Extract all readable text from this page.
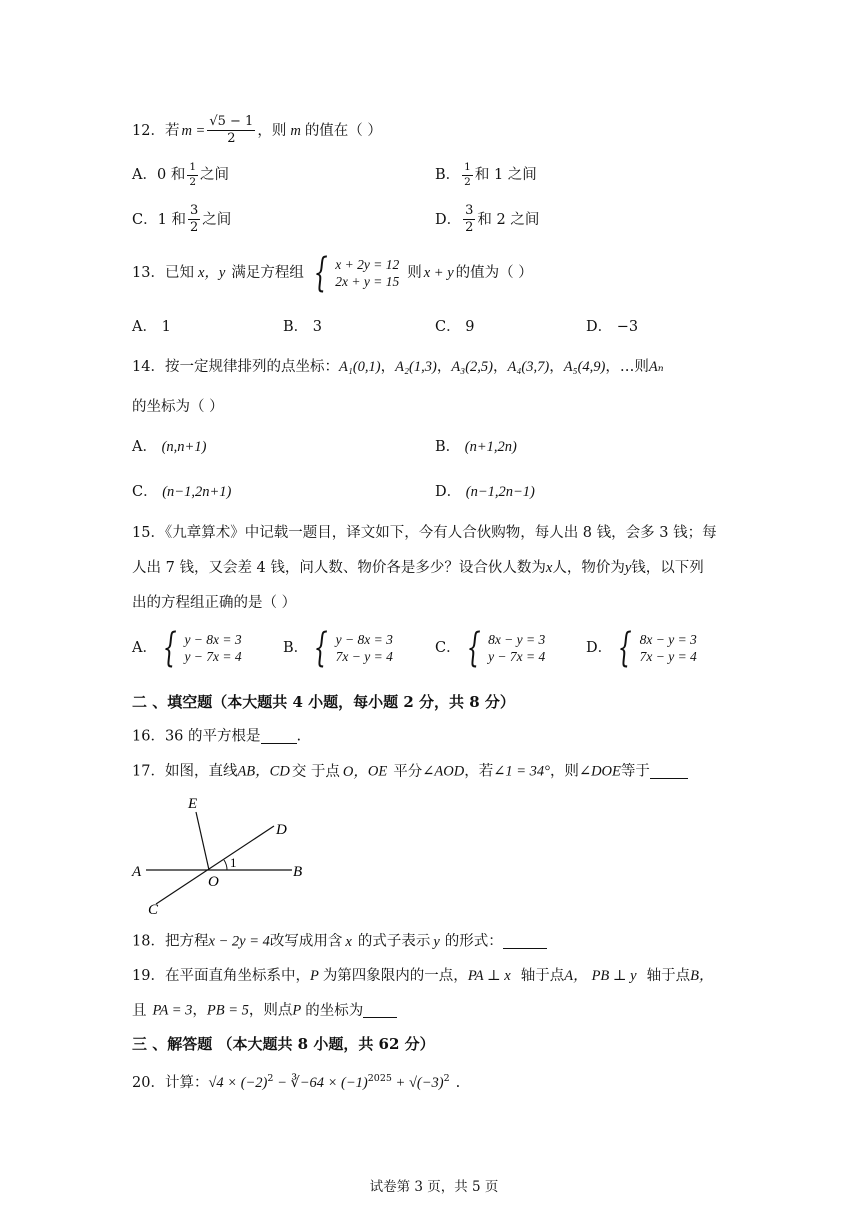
12．若 $m = \frac{√5 - 1}{2}$ ，则 m 的值在（ ）
A． 0 和 $\frac{1}{2}$ 之间	B． $\frac{1}{2}$ 和 1 之间
C． 1 和 $\frac{3}{2}$ 之间	D． $\frac{3}{2}$ 和 2 之间
13．已知 x，y 满足方程组 { x + 2y = 12
2x + y = 15
则 x + y 的值为（ ）
A． 1	B． 3	C． 9	D． −3
14．按一定规律排列的点坐标：A₁(0,1)，A₂(1,3)，A₃(2,5)，A₄(3,7)，A₅(4,9)，…则Aₙ
的坐标为（ ）
A． (n,n+1)	B． (n+1,2n)
C． (n−1,2n+1)	D． (n−1,2n−1)
15．《九章算术》中记载一题目，译文如下，今有人合伙购物，每人出 8 钱，会多 3 钱；每
人出 7 钱，又会差 4 钱，问人数、物价各是多少？设合伙人数为x人，物价为y钱，以下列
出的方程组正确的是（ ）
A． { y − 8x = 3
y − 7x = 4
B． { y − 8x = 3
7x − y = 4
C． { 8x − y = 3
y − 7x = 4
D． { 8x − y = 3
7x − y = 4
二 、填空题（本大题共 4 小题，每小题 2 分，共 8 分）
16．36 的平方根是 .
17．如图，直线AB，CD 交 于点 O，OE 平分∠AOD，若∠1 = 34°，则∠DOE等于
E
D
A
O
B
C
1
18．把方程x − 2y = 4改写成用含 x 的式子表示 y 的形式：
19．在平面直角坐标系中，P 为第四象限内的一点，PA ⊥ x 轴于点A， PB ⊥ y 轴于点B，
且 PA = 3，PB = 5，则点P 的坐标为
三 、解答题 （本大题共 8 小题，共 62 分）
20．计算：$√4 \times (-2)^2$ − ∛−64 × $(-1)^{2025} + √(-3)^2$ .
试卷第 3 页，共 5 页
